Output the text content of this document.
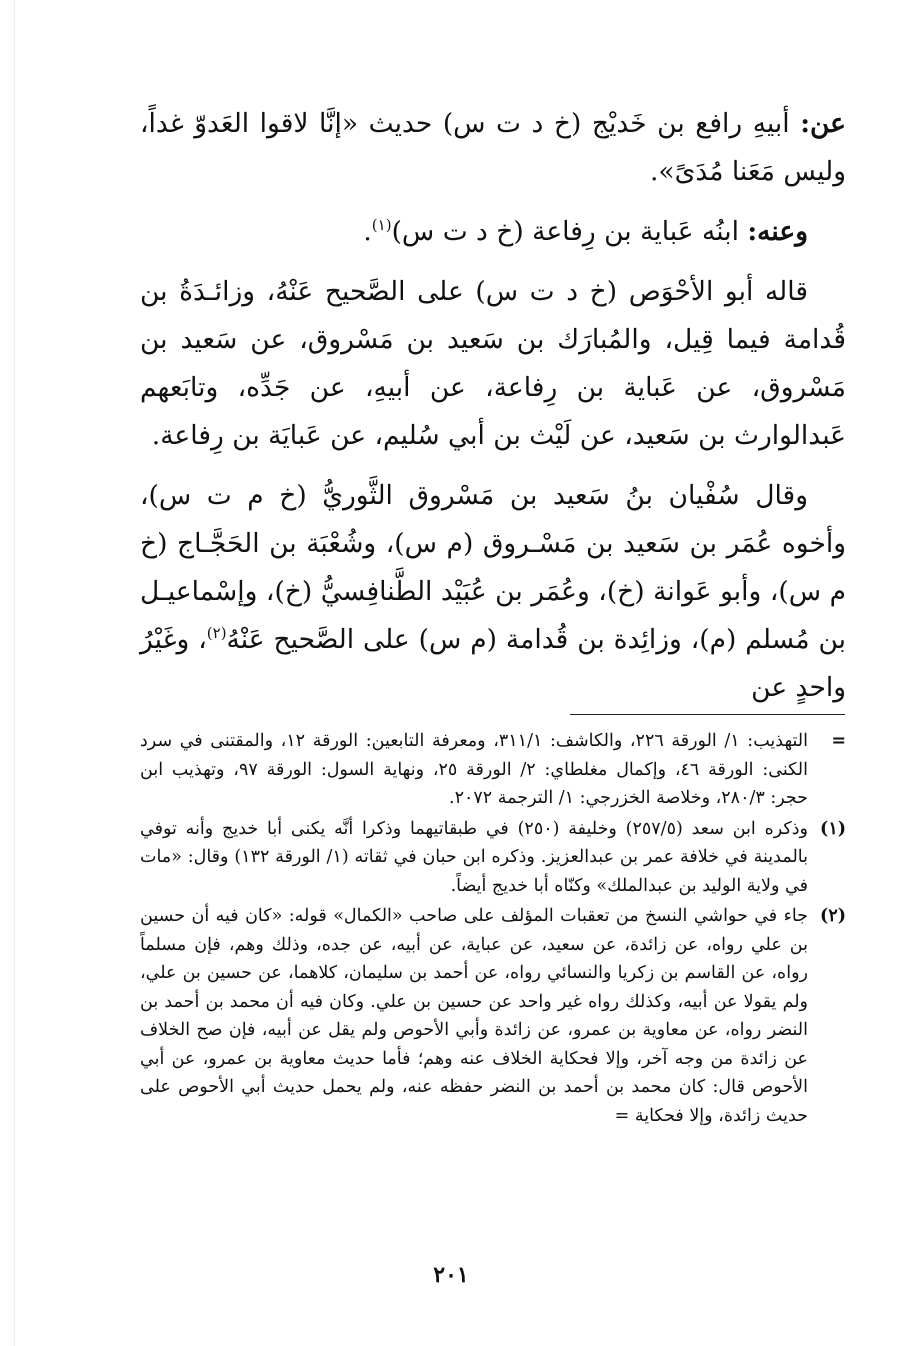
عن: أبيهِ رافع بن خَديْج (خ د ت س) حديث «إنَّا لاقوا العَدوّ غداً، وليس مَعَنا مُدَىً».

وعنه: ابنُه عَباية بن رِفاعة (خ د ت س)$^{(١)}$.

قاله أبو الأحْوَص (خ د ت س) على الصَّحيح عَنْهُ، وزائـدَةُ بن قُدامة فيما قِيل، والمُبارَك بن سَعيد بن مَسْروق، عن سَعيد بن مَسْروق، عن عَباية بن رِفاعة، عن أبيهِ، عن جَدِّه، وتابَعهم عَبدالوارث بن سَعيد، عن لَيْث بن أبي سُليم، عن عَبايَة بن رِفاعة.

وقال سُفْيان بنُ سَعيد بن مَسْروق الثَّوريُّ (خ م ت س)، وأخوه عُمَر بن سَعيد بن مَسْـروق (م س)، وشُعْبَة بن الحَجَّـاج (خ م س)، وأبو عَوانة (خ)، وعُمَر بن عُبَيْد الطَّنافِسيُّ (خ)، وإسْماعيـل بن مُسلم (م)، وزائِدة بن قُدامة (م س) على الصَّحيح عَنْهُ$^{(٢)}$، وغَيْرُ واحدٍ عن

=
التهذيب: ١/ الورقة ٢٢٦، والكاشف: ٣١١/١، ومعرفة التابعين: الورقة ١٢، والمقتنى في سرد الكنى: الورقة ٤٦، وإكمال مغلطاي: ٢/ الورقة ٢٥، ونهاية السول: الورقة ٩٧، وتهذيب ابن حجر: ٢٨٠/٣، وخلاصة الخزرجي: ١/ الترجمة ٢٠٧٢.
(١)
وذكره ابن سعد (٢٥٧/٥) وخليفة (٢٥٠) في طبقاتيهما وذكرا أنَّه يكنى أبا خديج وأنه توفي بالمدينة في خلافة عمر بن عبدالعزيز. وذكره ابن حبان في ثقاته (١/ الورقة ١٣٢) وقال: «مات في ولاية الوليد بن عبدالملك» وكنّاه أبا خديج أيضاً.
(٢)
جاء في حواشي النسخ من تعقبات المؤلف على صاحب «الكمال» قوله: «كان فيه أن حسين بن علي رواه، عن زائدة، عن سعيد، عن عباية، عن أبيه، عن جده، وذلك وهم، فإن مسلماً رواه، عن القاسم بن زكريا والنسائي رواه، عن أحمد بن سليمان، كلاهما، عن حسين بن علي، ولم يقولا عن أبيه، وكذلك رواه غير واحد عن حسين بن علي. وكان فيه أن محمد بن أحمد بن النضر رواه، عن معاوية بن عمرو، عن زائدة وأبي الأحوص ولم يقل عن أبيه، فإن صح الخلاف عن زائدة من وجه آخر، وإلا فحكاية الخلاف عنه وهم؛ فأما حديث معاوية بن عمرو، عن أبي الأحوص قال: كان محمد بن أحمد بن النضر حفظه عنه، ولم يحمل حديث أبي الأحوص على حديث زائدة، وإلا فحكاية =
٢٠١
